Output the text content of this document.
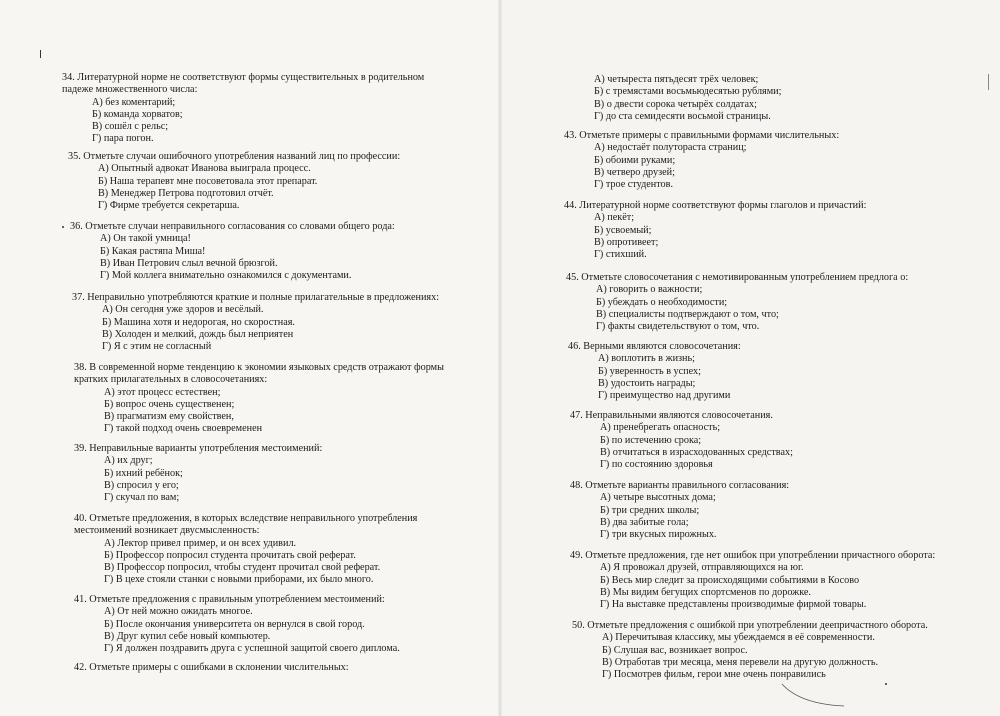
34. Литературной норме не соответствуют формы существительных в родительном
падеже множественного числа:
А) без коментарий;
Б) команда хорватов;
В) сошёл с рельс;
Г) пара погон.
35. Отметьте случаи ошибочного употребления названий лиц по профессии:
А) Опытный адвокат Иванова выиграла процесс.
Б) Наша терапевт мне посоветовала этот препарат.
В) Менеджер Петрова подготовил отчёт.
Г) Фирме требуется секретарша.
36. Отметьте случаи неправильного согласования со словами общего рода:
А) Он такой умница!
Б) Какая растяпа Миша!
В) Иван Петрович слыл вечной брюзгой.
Г) Мой коллега внимательно ознакомился с документами.
37. Неправильно употребляются краткие и полные прилагательные в предложениях:
А) Он сегодня уже здоров и весёлый.
Б) Машина хотя и недорогая, но скоростная.
В) Холоден и мелкий, дождь был неприятен
Г) Я с этим не согласный
38. В современной норме тенденцию к экономии языковых средств отражают формы
кратких прилагательных в словосочетаниях:
А) этот процесс естествен;
Б) вопрос очень существенен;
В) прагматизм ему свойствен,
Г) такой подход очень своевременен
39. Неправильные варианты употребления местоимений:
А) их друг;
Б) ихний ребёнок;
В) спросил у его;
Г) скучал по вам;
40. Отметьте предложения, в которых вследствие неправильного употребления
местоимений возникает двусмысленность:
А) Лектор привел пример, и он всех удивил.
Б) Профессор попросил студента прочитать свой реферат.
В) Профессор попросил, чтобы студент прочитал свой реферат.
Г) В цехе стояли станки с новыми приборами, их было много.
41. Отметьте предложения с правильным употреблением местоимений:
А) От ней можно ожидать многое.
Б) После окончания университета он вернулся в свой город.
В) Друг купил себе новый компьютер.
Г) Я должен поздравить друга с успешной защитой своего диплома.
42. Отметьте примеры с ошибками в склонении числительных:
А) четыреста пятьдесят трёх человек;
Б) с тремястами восьмьюдесятью рублями;
В) о двести сорока четырёх солдатах;
Г) до ста семидесяти восьмой страницы.
43. Отметьте примеры с правильными формами числительных:
А) недостаёт полутораста страниц;
Б) обоими руками;
В) четверо друзей;
Г) трое студентов.
44. Литературной норме соответствуют формы глаголов и причастий:
А) пекёт;
Б) усвоемый;
В) опротивеет;
Г) стихший.
45. Отметьте словосочетания с немотивированным употреблением предлога о:
А) говорить о важности;
Б) убеждать о необходимости;
В) специалисты подтверждают о том, что;
Г) факты свидетельствуют о том, что.
46. Верными являются словосочетания:
А) воплотить в жизнь;
Б) уверенность в успех;
В) удостоить награды;
Г) преимущество над другими
47. Неправильными являются словосочетания.
А) пренебрегать опасность;
Б) по истечению срока;
В) отчитаться в израсходованных средствах;
Г) по состоянию здоровья
48. Отметьте варианты правильного согласования:
А) четыре высотных дома;
Б) три средних школы;
В) два забитые гола;
Г) три вкусных пирожных.
49. Отметьте предложения, где нет ошибок при употреблении причастного оборота:
А) Я провожал друзей, отправляющихся на юг.
Б) Весь мир следит за происходящими событиями в Косово
В) Мы видим бегущих спортсменов по дорожке.
Г) На выставке представлены производимые фирмой товары.
50. Отметьте предложения с ошибкой при употреблении деепричастного оборота.
А) Перечитывая классику, мы убеждаемся в её современности.
Б) Слушая вас, возникает вопрос.
В) Отработав три месяца, меня перевели на другую должность.
Г) Посмотрев фильм, герои мне очень понравились
